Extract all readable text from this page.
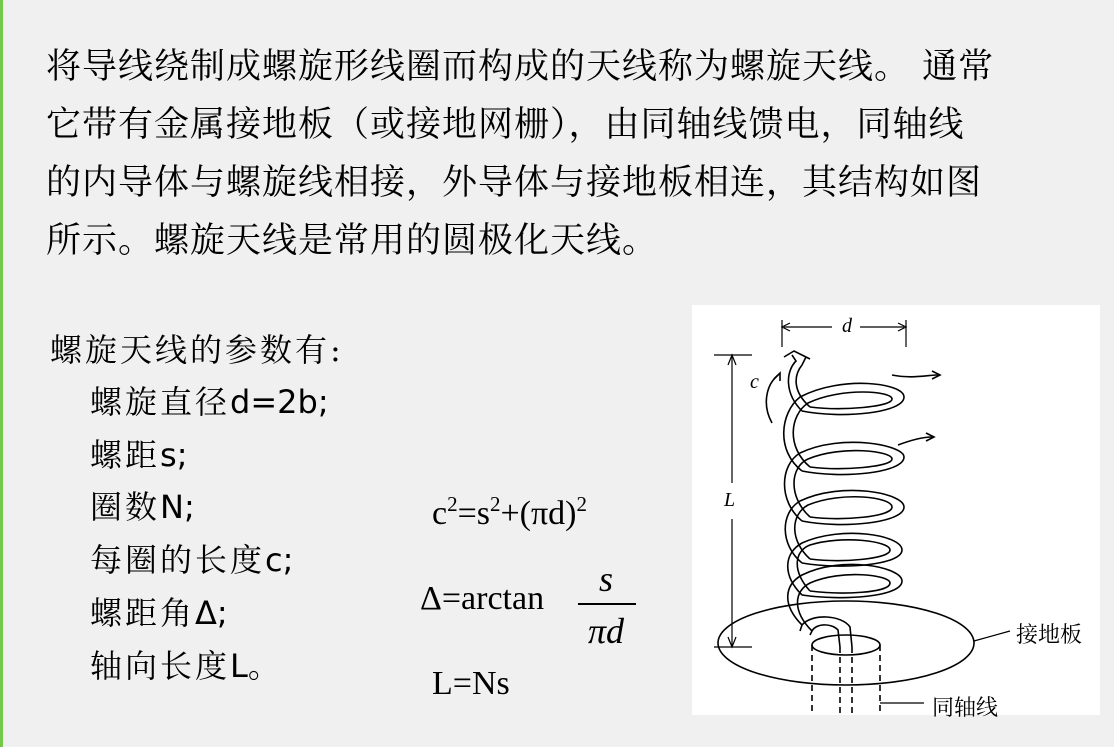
将导线绕制成螺旋形线圈而构成的天线称为螺旋天线。 通常
它带有金属接地板（或接地网栅），由同轴线馈电，同轴线
的内导体与螺旋线相接，外导体与接地板相连，其结构如图
所示。螺旋天线是常用的圆极化天线。
螺旋天线的参数有:
螺旋直径d=2b;
螺距s;
圈数N;
每圈的长度c;
螺距角Δ;
轴向长度L。
$c^2=s^2+(\pi d)^2$
Δ=arctan	s
πd
L=Ns
d
c
L
接地板
同轴线
